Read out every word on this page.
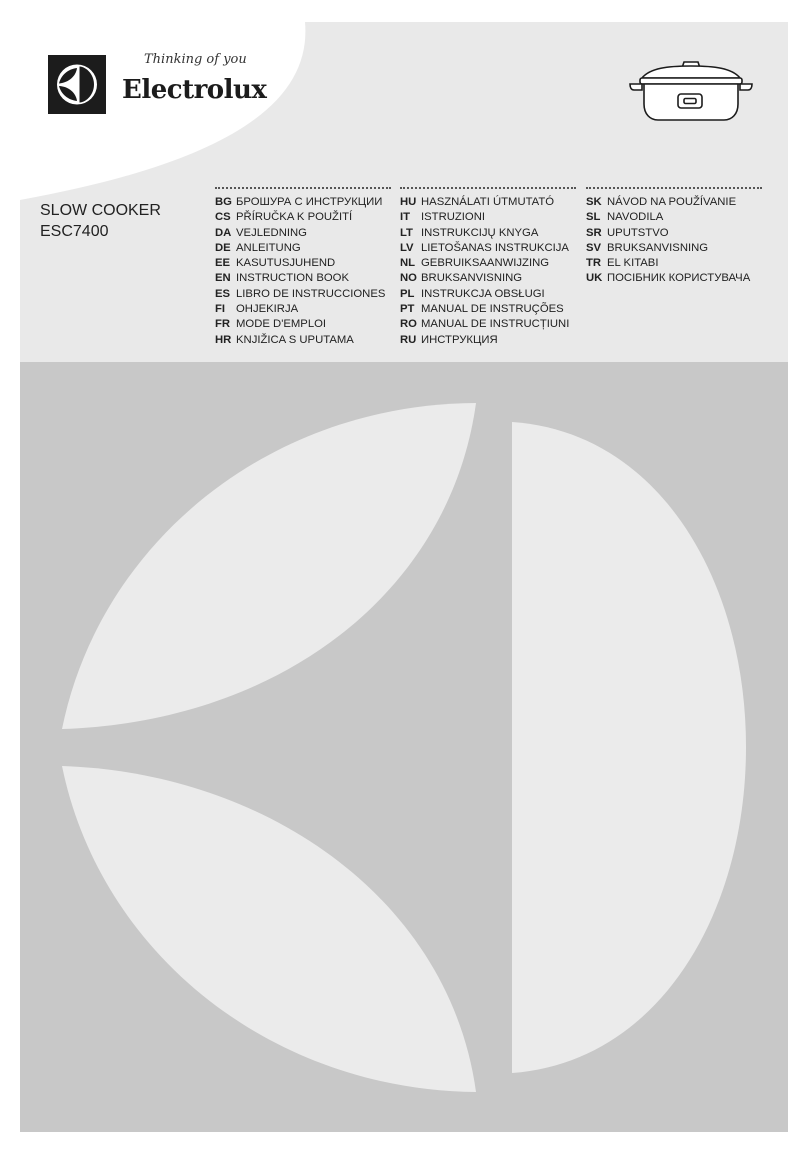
Thinking of you
Electrolux
SLOW COOKER
ESC7400
BG БРОШУРА С ИНСТРУКЦИИ
CS PŘÍRUČKA K POUŽITÍ
DA VEJLEDNING
DE ANLEITUNG
EE KASUTUSJUHEND
EN INSTRUCTION BOOK
ES LIBRO DE INSTRUCCIONES
FI OHJEKIRJA
FR MODE D'EMPLOI
HR KNJIŽICA S UPUTAMA
HU HASZNÁLATI ÚTMUTATÓ
IT ISTRUZIONI
LT INSTRUKCIJŲ KNYGA
LV LIETOŠANAS INSTRUKCIJA
NL GEBRUIKSAANWIJZING
NO BRUKSANVISNING
PL INSTRUKCJA OBSŁUGI
PT MANUAL DE INSTRUÇÕES
RO MANUAL DE INSTRUCȚIUNI
RU ИНСТРУКЦИЯ
SK NÁVOD NA POUŽÍVANIE
SL NAVODILA
SR UPUTSTVO
SV BRUKSANVISNING
TR EL KITABI
UK ПОСІБНИК КОРИСТУВАЧА
